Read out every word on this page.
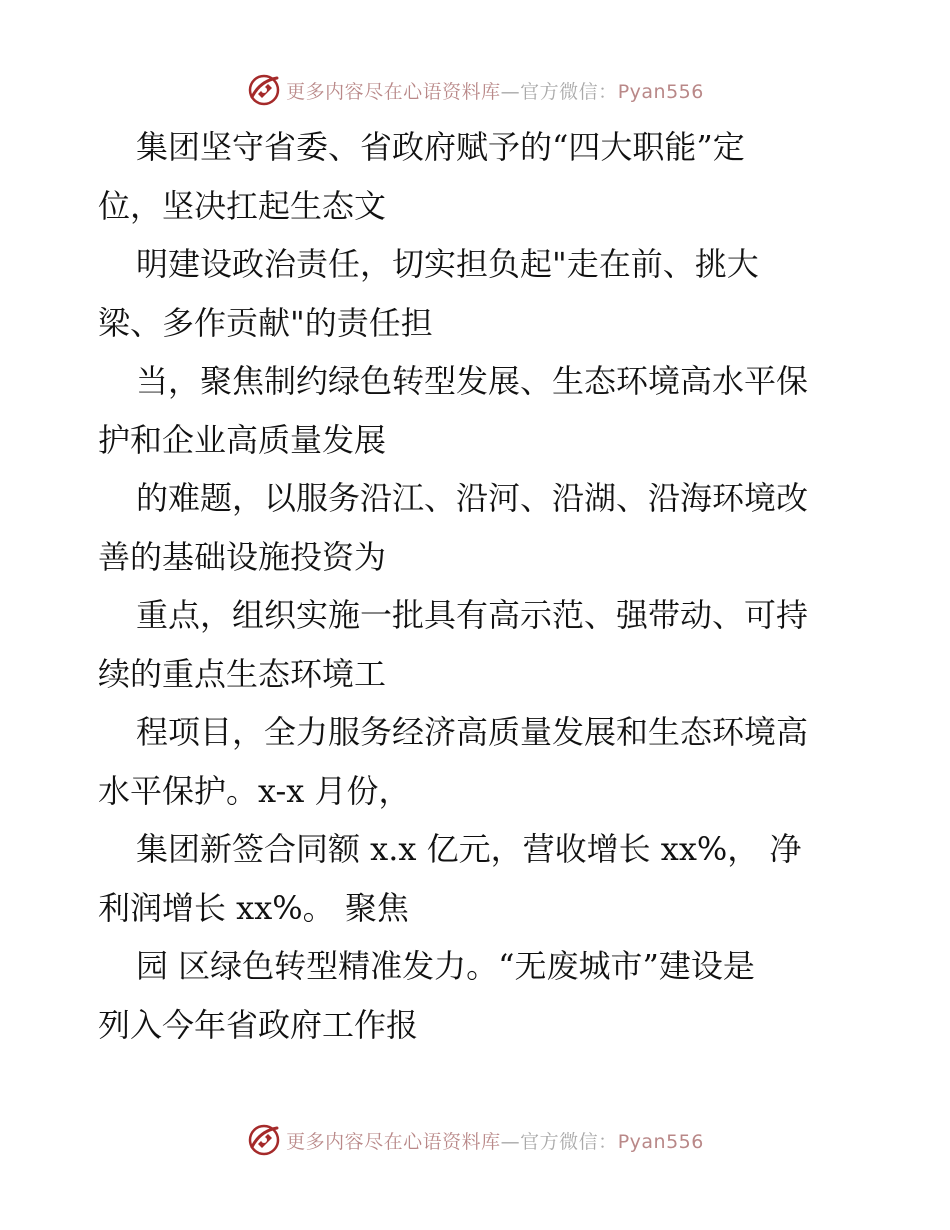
更多内容尽在心语资料库—官方微信：Pyan556
集团坚守省委、省政府赋予的“四大职能”定
位，坚决扛起生态文
明建设政治责任，切实担负起"走在前、挑大
梁、多作贡献"的责任担
当，聚焦制约绿色转型发展、生态环境高水平保
护和企业高质量发展
的难题，以服务沿江、沿河、沿湖、沿海环境改
善的基础设施投资为
重点，组织实施一批具有高示范、强带动、可持
续的重点生态环境工
程项目，全力服务经济高质量发展和生态环境高
水平保护。x-x 月份，
集团新签合同额 x.x 亿元，营收增长 xx%， 净
利润增长 xx%。 聚焦
园 区绿色转型精准发力。“无废城市”建设是
列入今年省政府工作报
更多内容尽在心语资料库—官方微信：Pyan556
